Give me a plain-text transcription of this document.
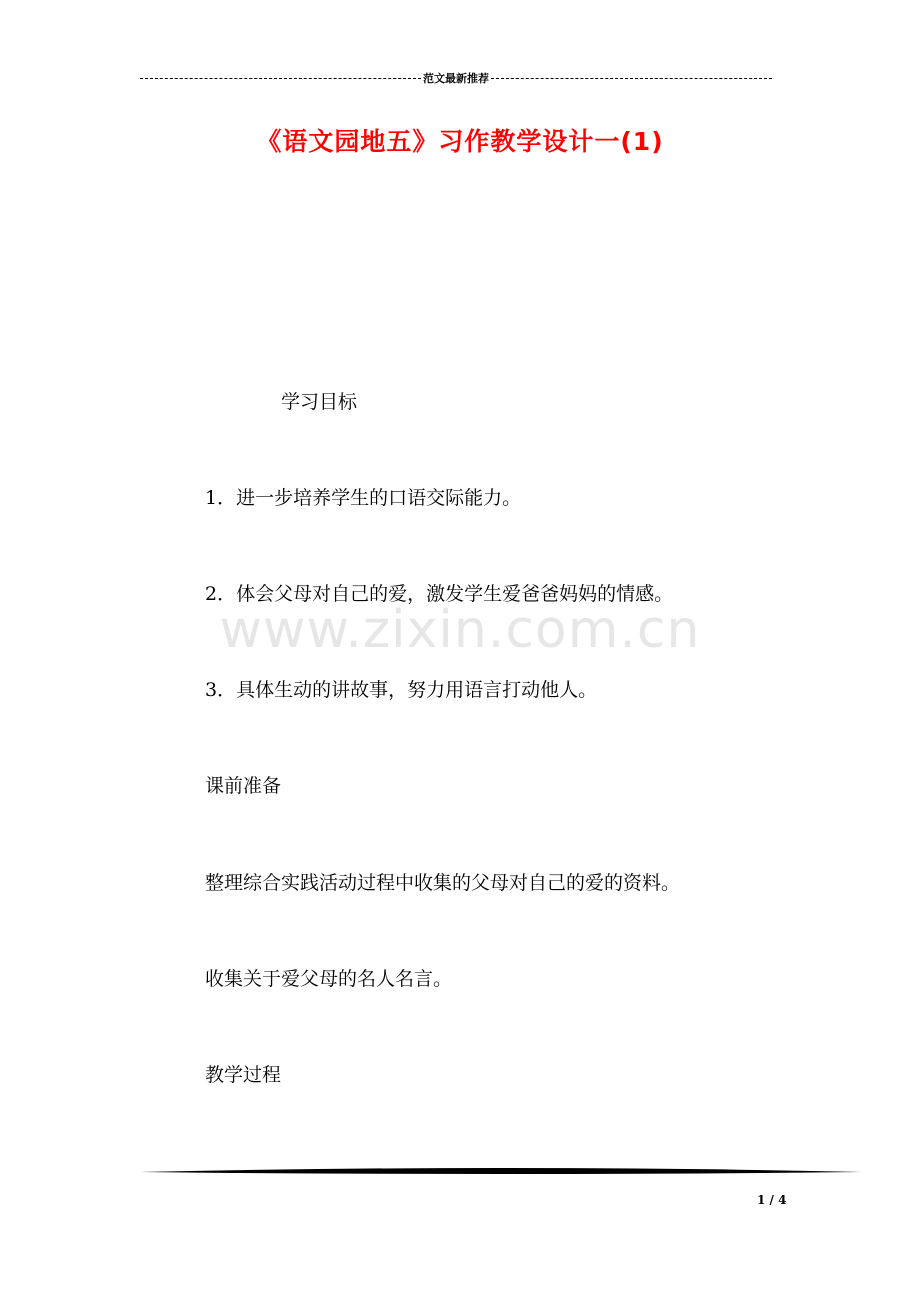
范文最新推荐
《语文园地五》习作教学设计一(1)
www.zixin.com.cn
学习目标
1．进一步培养学生的口语交际能力。
2．体会父母对自己的爱，激发学生爱爸爸妈妈的情感。
3．具体生动的讲故事，努力用语言打动他人。
课前准备
整理综合实践活动过程中收集的父母对自己的爱的资料。
收集关于爱父母的名人名言。
教学过程
1 / 4
